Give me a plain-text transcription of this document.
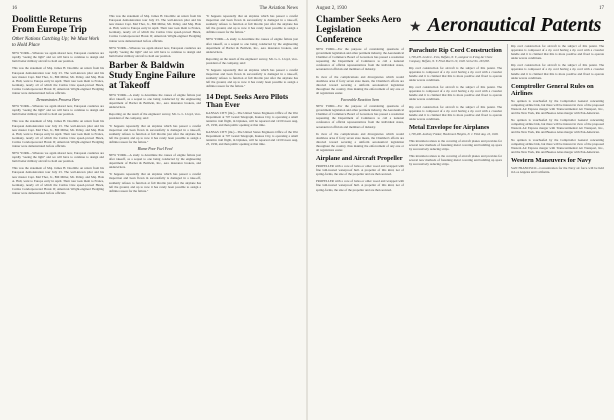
16	The Aviation News
Doolittle Returns From Europe Trip
Other Nations Catching Up; We Must Work to Hold Place

NEW YORK—Whereas we again shared now, European countries are rapidly "seeing the light" and we will have to continue to design and build better military aircraft to hold our position.

This was the statement of Maj. James H. Doolittle on return from his European demonstration tour July 23. The well-known pilot and his new master Capt. Mel Thor, Jr., Bill Miller, Mr. Pelley, and Maj. Hale A. Hall, went to Europe early in April. Their tour took them to France, Germany, nearly all of which the Curtiss Cine speed-proved Hawk, Curtiss Condorpowered Hawk II; American Wright-engined Fledgling trainer were demonstrated before officials.

Demonstrates Prowess Here

NEW YORK—Whereas we again shared now, European countries are rapidly "seeing the light" and we will have to continue to design and build better military aircraft to hold our position.

This was the statement of Maj. James H. Doolittle on return from his European demonstration tour July 23. The well-known pilot and his new master Capt. Mel Thor, Jr., Bill Miller, Mr. Pelley, and Maj. Hale A. Hall, went to Europe early in April. Their tour took them to France, Germany, nearly all of which the Curtiss Cine speed-proved Hawk, Curtiss Condorpowered Hawk II; American Wright-engined Fledgling trainer were demonstrated before officials.

NEW YORK—Whereas we again shared now, European countries are rapidly "seeing the light" and we will have to continue to design and build better military aircraft to hold our position.

This was the statement of Maj. James H. Doolittle on return from his European demonstration tour July 23. The well-known pilot and his new master Capt. Mel Thor, Jr., Bill Miller, Mr. Pelley, and Maj. Hale A. Hall, went to Europe early in April. Their tour took them to France, Germany, nearly all of which the Curtiss Cine speed-proved Hawk, Curtiss Condorpowered Hawk II; American Wright-engined Fledgling trainer were demonstrated before officials.

This was the statement of Maj. James H. Doolittle on return from his European demonstration tour July 23. The well-known pilot and his new master Capt. Mel Thor, Jr., Bill Miller, Mr. Pelley, and Maj. Hale A. Hall, went to Europe early in April. Their tour took them to France, Germany, nearly all of which the Curtiss Cine speed-proved Hawk, Curtiss Condorpowered Hawk II; American Wright-engined Fledgling trainer were demonstrated before officials.

NEW YORK—Whereas we again shared now, European countries are rapidly "seeing the light" and we will have to continue to design and build better military aircraft to hold our position.

Barber & Baldwin Study Engine Failure at Takeoff

NEW YORK—A study to determine the causes of engine failure just after takeoff, as a sequel to one being conducted by the engineering department of Barber & Baldwin, Inc., aero insurance brokers, and underwriters.

Reporting on the result of the engineers' survey, Mr. G. L. Lloyd, vice-president of the company, said:

"It happens repeatedly that an airplane which has passed a careful inspection and been flown in successfully is damaged in a take-off, suddenly refuses to function at full throttle just after the airplane has left the ground, and up to now it has rarely been possible to assign a definite reason for the failure."

Blame Poor Fuel Feed

NEW YORK—A study to determine the causes of engine failure just after takeoff, as a sequel to one being conducted by the engineering department of Barber & Baldwin, Inc., aero insurance brokers, and underwriters.

"It happens repeatedly that an airplane which has passed a careful inspection and been flown in successfully is damaged in a take-off, suddenly refuses to function at full throttle just after the airplane has left the ground, and up to now it has rarely been possible to assign a definite reason for the failure."

"It happens repeatedly that an airplane which has passed a careful inspection and been flown in successfully is damaged in a take-off, suddenly refuses to function at full throttle just after the airplane has left the ground, and up to now it has rarely been possible to assign a definite reason for the failure."

NEW YORK—A study to determine the causes of engine failure just after takeoff, as a sequel to one being conducted by the engineering department of Barber & Baldwin, Inc., aero insurance brokers, and underwriters.

Reporting on the result of the engineers' survey, Mr. G. L. Lloyd, vice-president of the company, said:

"It happens repeatedly that an airplane which has passed a careful inspection and been flown in successfully is damaged in a take-off, suddenly refuses to function at full throttle just after the airplane has left the ground, and up to now it has rarely been possible to assign a definite reason for the failure."

14 Dept. Seeks Aero Pilots Than Ever

KANSAS CITY (mi.)—The United States Engineers Office of the War Department at 707 Grand Telegraph, Kansas City, is operating a small tentative trail flight, in biplanes, will be reported and 12:00 noon Aug. 23, 1930, and then public opening at that time.

KANSAS CITY (mi.)—The United States Engineers Office of the War Department at 707 Grand Telegraph, Kansas City, is operating a small tentative trail flight, in biplanes, will be reported and 12:00 noon Aug. 23, 1930, and then public opening at that time.

August 2, 1930	17
Chamber Seeks Aero Legislation Conference

NEW YORK—For the purpose of considering questions of government legislation and other pertinent industry, the Aeronautical Chamber of Commerce Board of Governors has passed a resolution requesting the Department of Commerce to call a national conference of official representatives from the individual states, aeronautical officials and members of industry.

In view of the complications and divergencies which would doubtless arise if forty seven state meets, the Chamber's efforts are directed toward securing a uniform aeronautical legislation throughout the country, thus making the enforcement of any one or all regulations easier.

Favorable Reaction Seen

NEW YORK—For the purpose of considering questions of government legislation and other pertinent industry, the Aeronautical Chamber of Commerce Board of Governors has passed a resolution requesting the Department of Commerce to call a national conference of official representatives from the individual states, aeronautical officials and members of industry.

In view of the complications and divergencies which would doubtless arise if forty seven state meets, the Chamber's efforts are directed toward securing a uniform aeronautical legislation throughout the country, thus making the enforcement of any one or all regulations easier.

Airplane and Aircraft Propeller

PROPELLER with a core of balsa or other wood and wrapped with fine lath-treated waterproof hull. A propeller of this kind, not of spring-forms, the size of the propeller and are then secured.

PROPELLER with a core of balsa or other wood and wrapped with fine lath-treated waterproof hull. A propeller of this kind, not of spring-forms, the size of the propeller and are then secured.

★ Aeronautical Patents
Parachute Rip Cord Construction
1,790,476. Leslie L. Irvin, Buffalo, N. Y., assignor to Irving Air Chute Company, Buffalo, N. Y. Filed March 19, 1928. Serial No. 263,083.

Rip cord construction for aircraft is the subject of this patent. The apparatus is composed of a rip cord having a rip cord with a crossbar handle and it is claimed that this is more positive and fixed to operate under severe conditions.

Rip cord construction for aircraft is the subject of this patent. The apparatus is composed of a rip cord having a rip cord with a crossbar handle and it is claimed that this is more positive and fixed to operate under severe conditions.

Rip cord construction for aircraft is the subject of this patent. The apparatus is composed of a rip cord having a rip cord with a crossbar handle and it is claimed that this is more positive and fixed to operate under severe conditions.

Metal Envelope for Airplanes
1,790,400. Anthony Fokker, Hasbrouck Heights, N. J. Filed Aug. 16, 1928.

This invention relates to the covering of aircraft planes and provides for several new methods of fastening metal covering and building up spars by successively reducing strips.

This invention relates to the covering of aircraft planes and provides for several new methods of fastening metal covering and building up spars by successively reducing strips.

Rip cord construction for aircraft is the subject of this patent. The apparatus is composed of a rip cord having a rip cord with a crossbar handle and it is claimed that this is more positive and fixed to operate under severe conditions.

Rip cord construction for aircraft is the subject of this patent. The apparatus is composed of a rip cord having a rip cord with a crossbar handle and it is claimed that this is more positive and fixed to operate under severe conditions.

Comptroller General Rules on Airlines

No opinion is vouchsafed by the Comptroller General concerning competing airline bids, but there will be interest in view of the proposed Western Air Express merger with Transcontinental Air Transport, Inc., and the New York, Rio and Buenos Aires merger with Pan-American.

No opinion is vouchsafed by the Comptroller General concerning competing airline bids, but there will be interest in view of the proposed Western Air Express merger with Transcontinental Air Transport, Inc., and the New York, Rio and Buenos Aires merger with Pan-American.

No opinion is vouchsafed by the Comptroller General concerning competing airline bids, but there will be interest in view of the proposed Western Air Express merger with Transcontinental Air Transport, Inc., and the New York, Rio and Buenos Aires merger with Pan-American.

Western Maneuvers for Navy

SAN FRANCISCO—Concentration for the Navy air force will be held in Los Angeles and California.
